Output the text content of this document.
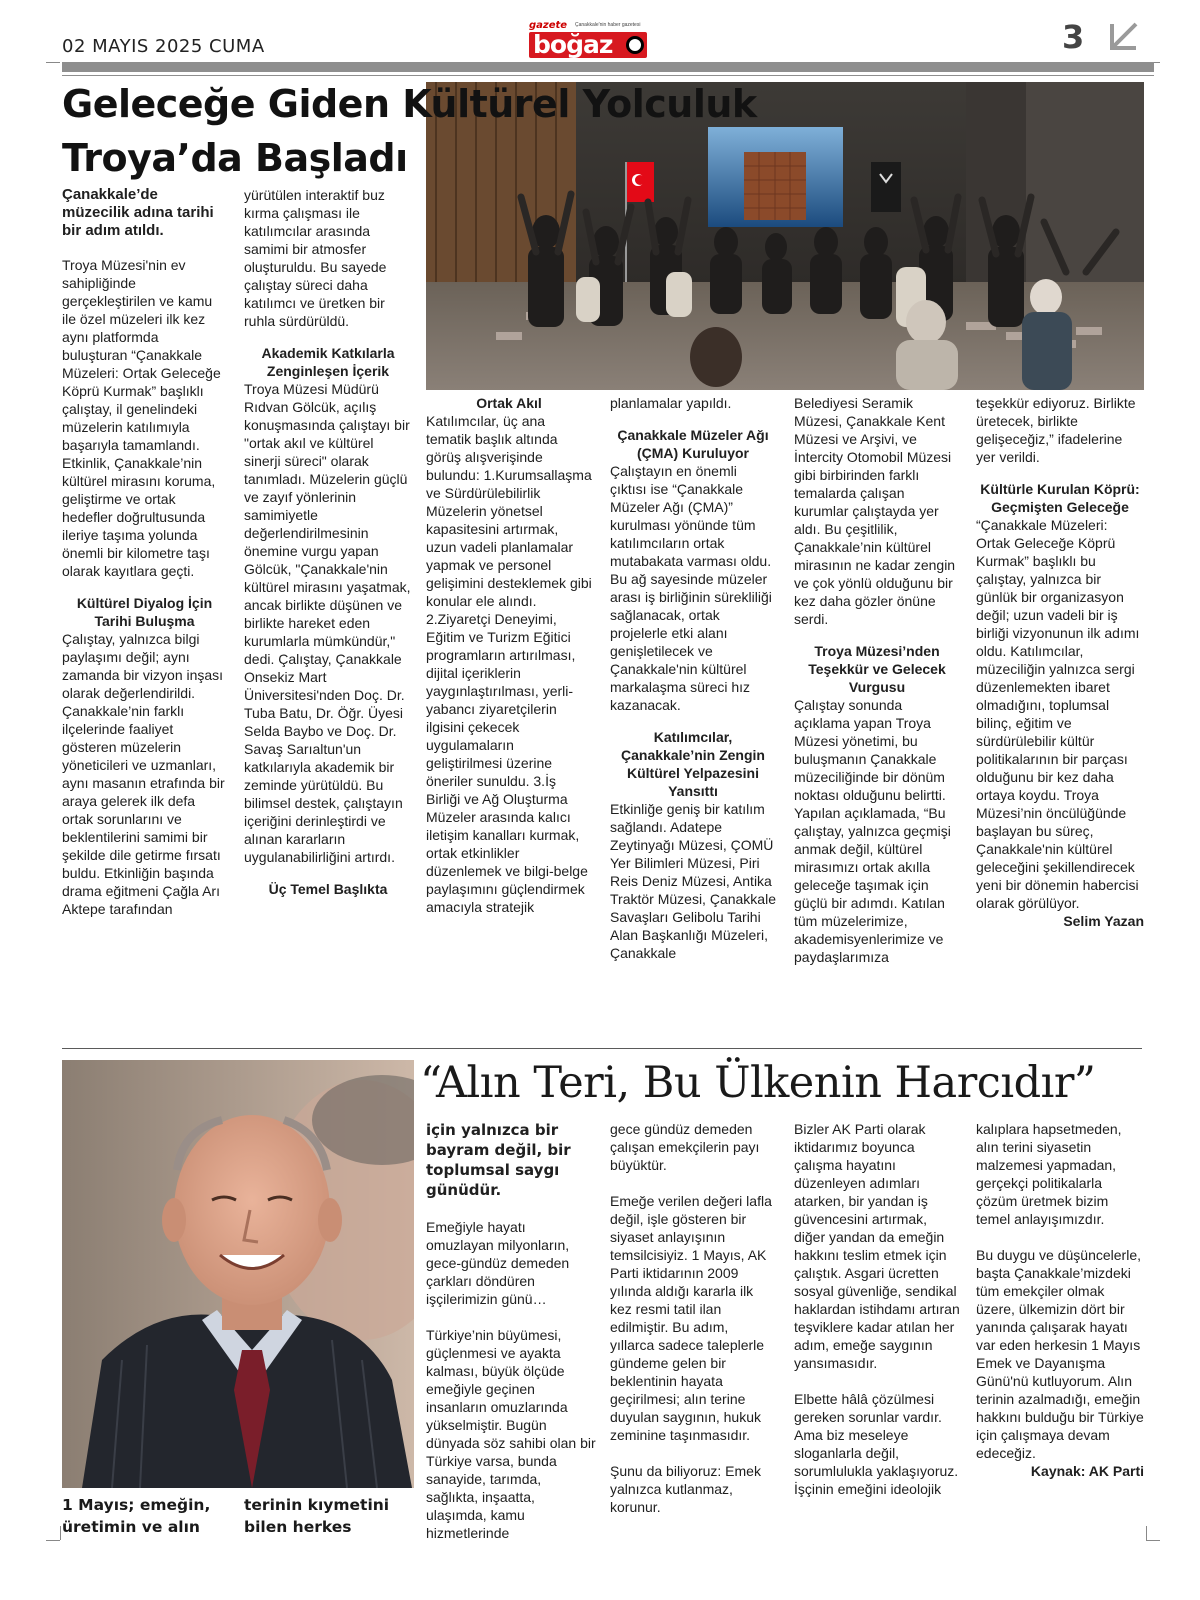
02 MAYIS 2025 CUMA
gazete Çanakkale'nin haber gazetesi
boğaz	3
Geleceğe Giden Kültürel Yolculuk
Troya’da Başladı

Çanakkale’de müzecilik adına tarihi bir adım atıldı.

Troya Müzesi'nin ev sahipliğinde gerçekleştirilen ve kamu ile özel müzeleri ilk kez aynı platformda buluşturan “Çanakkale Müzeleri: Ortak Geleceğe Köprü Kurmak” başlıklı çalıştay, il genelindeki müzelerin katılımıyla başarıyla tamamlandı. Etkinlik, Çanakkale’nin kültürel mirasını koruma, geliştirme ve ortak hedefler doğrultusunda ileriye taşıma yolunda önemli bir kilometre taşı olarak kayıtlara geçti.

Kültürel Diyalog İçin Tarihi Buluşma

Çalıştay, yalnızca bilgi paylaşımı değil; aynı zamanda bir vizyon inşası olarak değerlendirildi. Çanakkale’nin farklı ilçelerinde faaliyet gösteren müzelerin yöneticileri ve uzmanları, aynı masanın etrafında bir araya gelerek ilk defa ortak sorunlarını ve beklentilerini samimi bir şekilde dile getirme fırsatı buldu. Etkinliğin başında drama eğitmeni Çağla Arı Aktepe tarafından

yürütülen interaktif buz kırma çalışması ile katılımcılar arasında samimi bir atmosfer oluşturuldu. Bu sayede çalıştay süreci daha katılımcı ve üretken bir ruhla sürdürüldü.

Akademik Katkılarla Zenginleşen İçerik

Troya Müzesi Müdürü Rıdvan Gölcük, açılış konuşmasında çalıştayı bir "ortak akıl ve kültürel sinerji süreci" olarak tanımladı. Müzelerin güçlü ve zayıf yönlerinin samimiyetle değerlendirilmesinin önemine vurgu yapan Gölcük, "Çanakkale'nin kültürel mirasını yaşatmak, ancak birlikte düşünen ve birlikte hareket eden kurumlarla mümkündür," dedi. Çalıştay, Çanakkale Onsekiz Mart Üniversitesi'nden Doç. Dr. Tuba Batu, Dr. Öğr. Üyesi Selda Baybo ve Doç. Dr. Savaş Sarıaltun'un katkılarıyla akademik bir zeminde yürütüldü. Bu bilimsel destek, çalıştayın içeriğini derinleştirdi ve alınan kararların uygulanabilirliğini artırdı.

Üç Temel Başlıkta

Ortak Akıl

Katılımcılar, üç ana tematik başlık altında görüş alışverişinde bulundu: 1.Kurumsallaşma ve Sürdürülebilirlik Müzelerin yönetsel kapasitesini artırmak, uzun vadeli planlamalar yapmak ve personel gelişimini desteklemek gibi konular ele alındı. 2.Ziyaretçi Deneyimi, Eğitim ve Turizm Eğitici programların artırılması, dijital içeriklerin yaygınlaştırılması, yerli-yabancı ziyaretçilerin ilgisini çekecek uygulamaların geliştirilmesi üzerine öneriler sunuldu. 3.İş Birliği ve Ağ Oluşturma Müzeler arasında kalıcı iletişim kanalları kurmak, ortak etkinlikler düzenlemek ve bilgi-belge paylaşımını güçlendirmek amacıyla stratejik

planlamalar yapıldı.

Çanakkale Müzeler Ağı (ÇMA) Kuruluyor

Çalıştayın en önemli çıktısı ise “Çanakkale Müzeler Ağı (ÇMA)” kurulması yönünde tüm katılımcıların ortak mutabakata varması oldu. Bu ağ sayesinde müzeler arası iş birliğinin sürekliliği sağlanacak, ortak projelerle etki alanı genişletilecek ve Çanakkale'nin kültürel markalaşma süreci hız kazanacak.

Katılımcılar, Çanakkale’nin Zengin Kültürel Yelpazesini Yansıttı

Etkinliğe geniş bir katılım sağlandı. Adatepe Zeytinyağı Müzesi, ÇOMÜ Yer Bilimleri Müzesi, Piri Reis Deniz Müzesi, Antika Traktör Müzesi, Çanakkale Savaşları Gelibolu Tarihi Alan Başkanlığı Müzeleri, Çanakkale

Belediyesi Seramik Müzesi, Çanakkale Kent Müzesi ve Arşivi, ve İntercity Otomobil Müzesi gibi birbirinden farklı temalarda çalışan kurumlar çalıştayda yer aldı. Bu çeşitlilik, Çanakkale’nin kültürel mirasının ne kadar zengin ve çok yönlü olduğunu bir kez daha gözler önüne serdi.

Troya Müzesi’nden Teşekkür ve Gelecek Vurgusu

Çalıştay sonunda açıklama yapan Troya Müzesi yönetimi, bu buluşmanın Çanakkale müzeciliğinde bir dönüm noktası olduğunu belirtti. Yapılan açıklamada, “Bu çalıştay, yalnızca geçmişi anmak değil, kültürel mirasımızı ortak akılla geleceğe taşımak için güçlü bir adımdı. Katılan tüm müzelerimize, akademisyenlerimize ve paydaşlarımıza

teşekkür ediyoruz. Birlikte üretecek, birlikte gelişeceğiz,” ifadelerine yer verildi.

Kültürle Kurulan Köprü: Geçmişten Geleceğe

“Çanakkale Müzeleri: Ortak Geleceğe Köprü Kurmak” başlıklı bu çalıştay, yalnızca bir günlük bir organizasyon değil; uzun vadeli bir iş birliği vizyonunun ilk adımı oldu. Katılımcılar, müzeciliğin yalnızca sergi düzenlemekten ibaret olmadığını, toplumsal bilinç, eğitim ve sürdürülebilir kültür politikalarının bir parçası olduğunu bir kez daha ortaya koydu. Troya Müzesi’nin öncülüğünde başlayan bu süreç, Çanakkale'nin kültürel geleceğini şekillendirecek yeni bir dönemin habercisi olarak görülüyor.

Selim Yazan

“Alın Teri, Bu Ülkenin Harcıdır”
1 Mayıs; emeğin, üretimin ve alın
terinin kıymetini bilen herkes

için yalnızca bir bayram değil, bir toplumsal saygı günüdür.

Emeğiyle hayatı omuzlayan milyonların, gece-gündüz demeden çarkları döndüren işçilerimizin günü…

Türkiye’nin büyümesi, güçlenmesi ve ayakta kalması, büyük ölçüde emeğiyle geçinen insanların omuzlarında yükselmiştir. Bugün dünyada söz sahibi olan bir Türkiye varsa, bunda sanayide, tarımda, sağlıkta, inşaatta, ulaşımda, kamu hizmetlerinde

gece gündüz demeden çalışan emekçilerin payı büyüktür.

Emeğe verilen değeri lafla değil, işle gösteren bir siyaset anlayışının temsilcisiyiz. 1 Mayıs, AK Parti iktidarının 2009 yılında aldığı kararla ilk kez resmi tatil ilan edilmiştir. Bu adım, yıllarca sadece taleplerle gündeme gelen bir beklentinin hayata geçirilmesi; alın terine duyulan saygının, hukuk zeminine taşınmasıdır.

Şunu da biliyoruz: Emek yalnızca kutlanmaz, korunur.

Bizler AK Parti olarak iktidarımız boyunca çalışma hayatını düzenleyen adımları atarken, bir yandan iş güvencesini artırmak, diğer yandan da emeğin hakkını teslim etmek için çalıştık. Asgari ücretten sosyal güvenliğe, sendikal haklardan istihdamı artıran teşviklere kadar atılan her adım, emeğe saygının yansımasıdır.

Elbette hâlâ çözülmesi gereken sorunlar vardır. Ama biz meseleye sloganlarla değil, sorumlulukla yaklaşıyoruz. İşçinin emeğini ideolojik

kalıplara hapsetmeden, alın terini siyasetin malzemesi yapmadan, gerçekçi politikalarla çözüm üretmek bizim temel anlayışımızdır.

Bu duygu ve düşüncelerle, başta Çanakkale’mizdeki tüm emekçiler olmak üzere, ülkemizin dört bir yanında çalışarak hayatı var eden herkesin 1 Mayıs Emek ve Dayanışma Günü'nü kutluyorum. Alın terinin azalmadığı, emeğin hakkını bulduğu bir Türkiye için çalışmaya devam edeceğiz.

Kaynak: AK Parti
